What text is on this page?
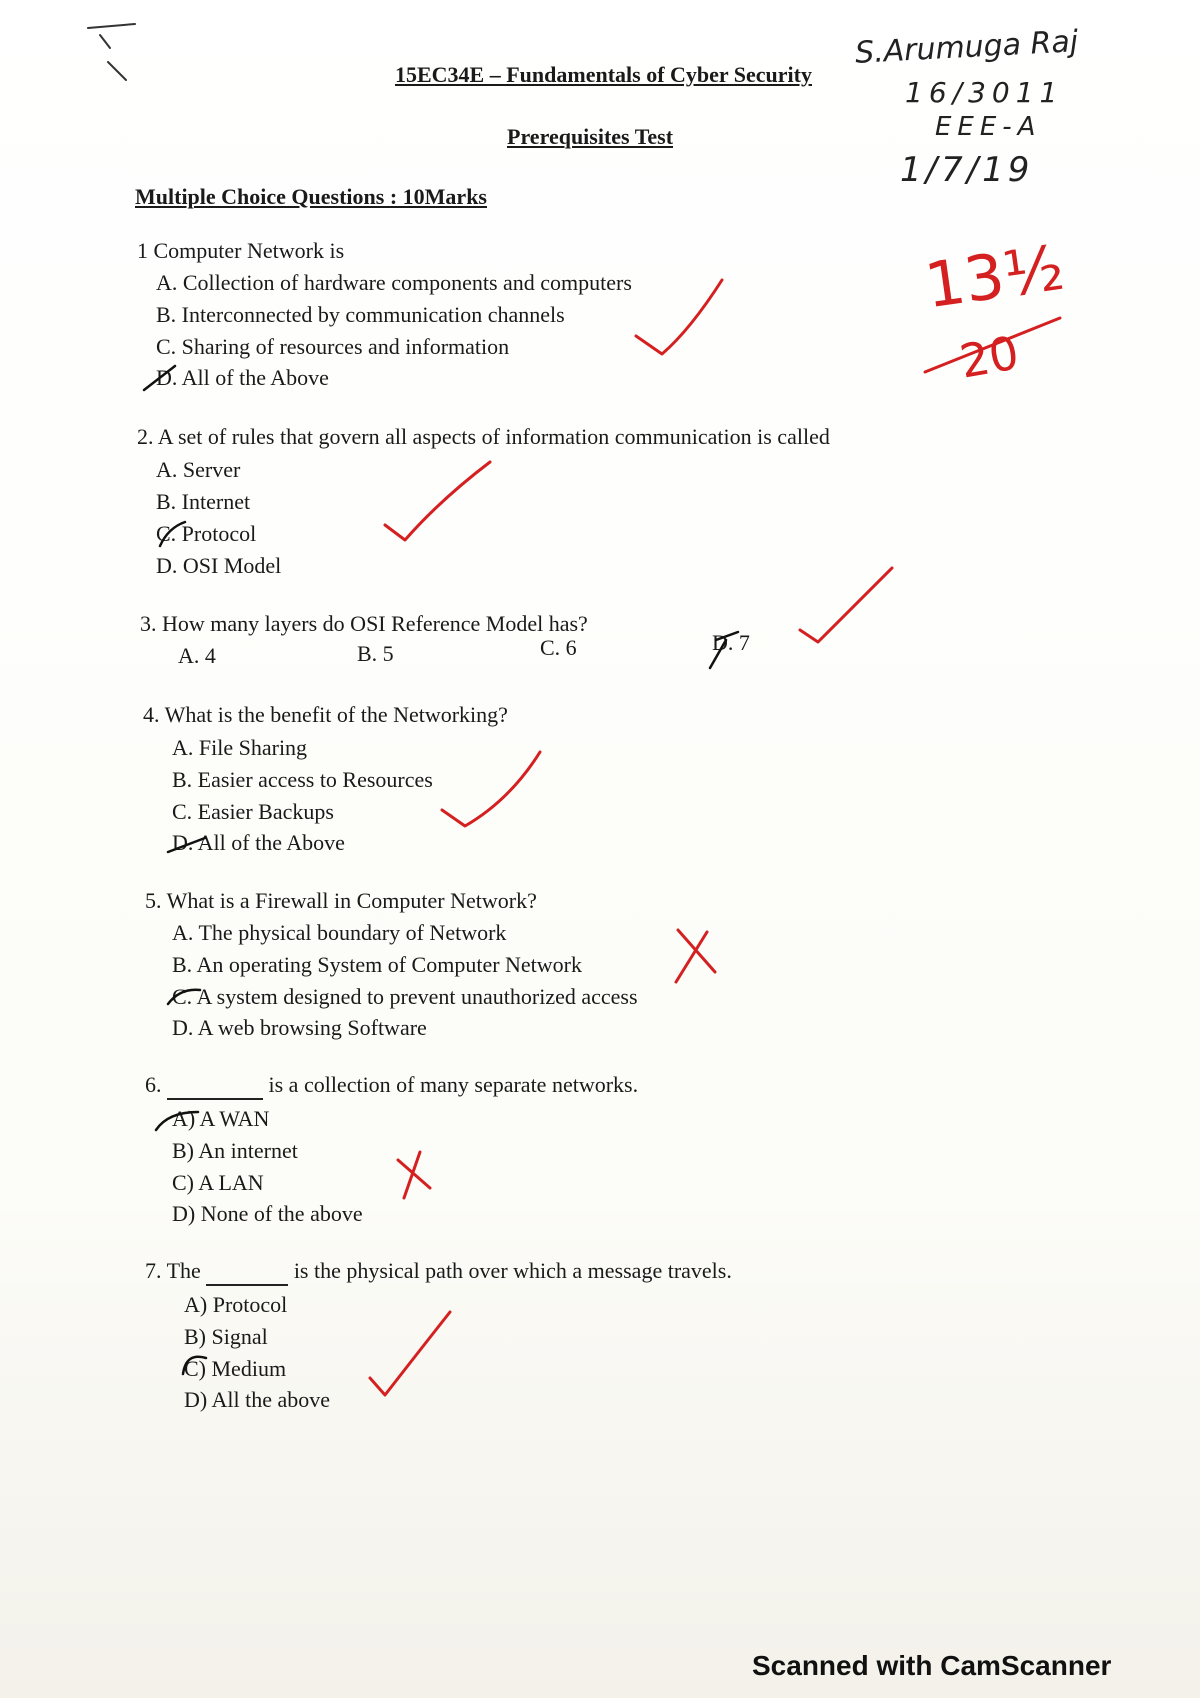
15EC34E – Fundamentals of Cyber Security
Prerequisites Test
Multiple Choice Questions : 10Marks
S.Arumuga Raj
16/3011
EEE-A
1/7/19
13½
20
1 Computer Network is
A. Collection of hardware components and computers
B. Interconnected by communication channels
C. Sharing of resources and information
D. All of the Above
2. A set of rules that govern all aspects of information communication is called
A. Server
B. Internet
C. Protocol
D. OSI Model
3. How many layers do OSI Reference Model has?
A. 4	B. 5	C. 6	D. 7
4. What is the benefit of the Networking?
A. File Sharing
B. Easier access to Resources
C. Easier Backups
D. All of the Above
5. What is a Firewall in Computer Network?
A. The physical boundary of Network
B. An operating System of Computer Network
C. A system designed to prevent unauthorized access
D. A web browsing Software
6.	is a collection of many separate networks.
A) A WAN
B) An internet
C) A LAN
D) None of the above
7. The	is the physical path over which a message travels.
A) Protocol
B) Signal
C) Medium
D) All the above
Scanned with CamScanner
